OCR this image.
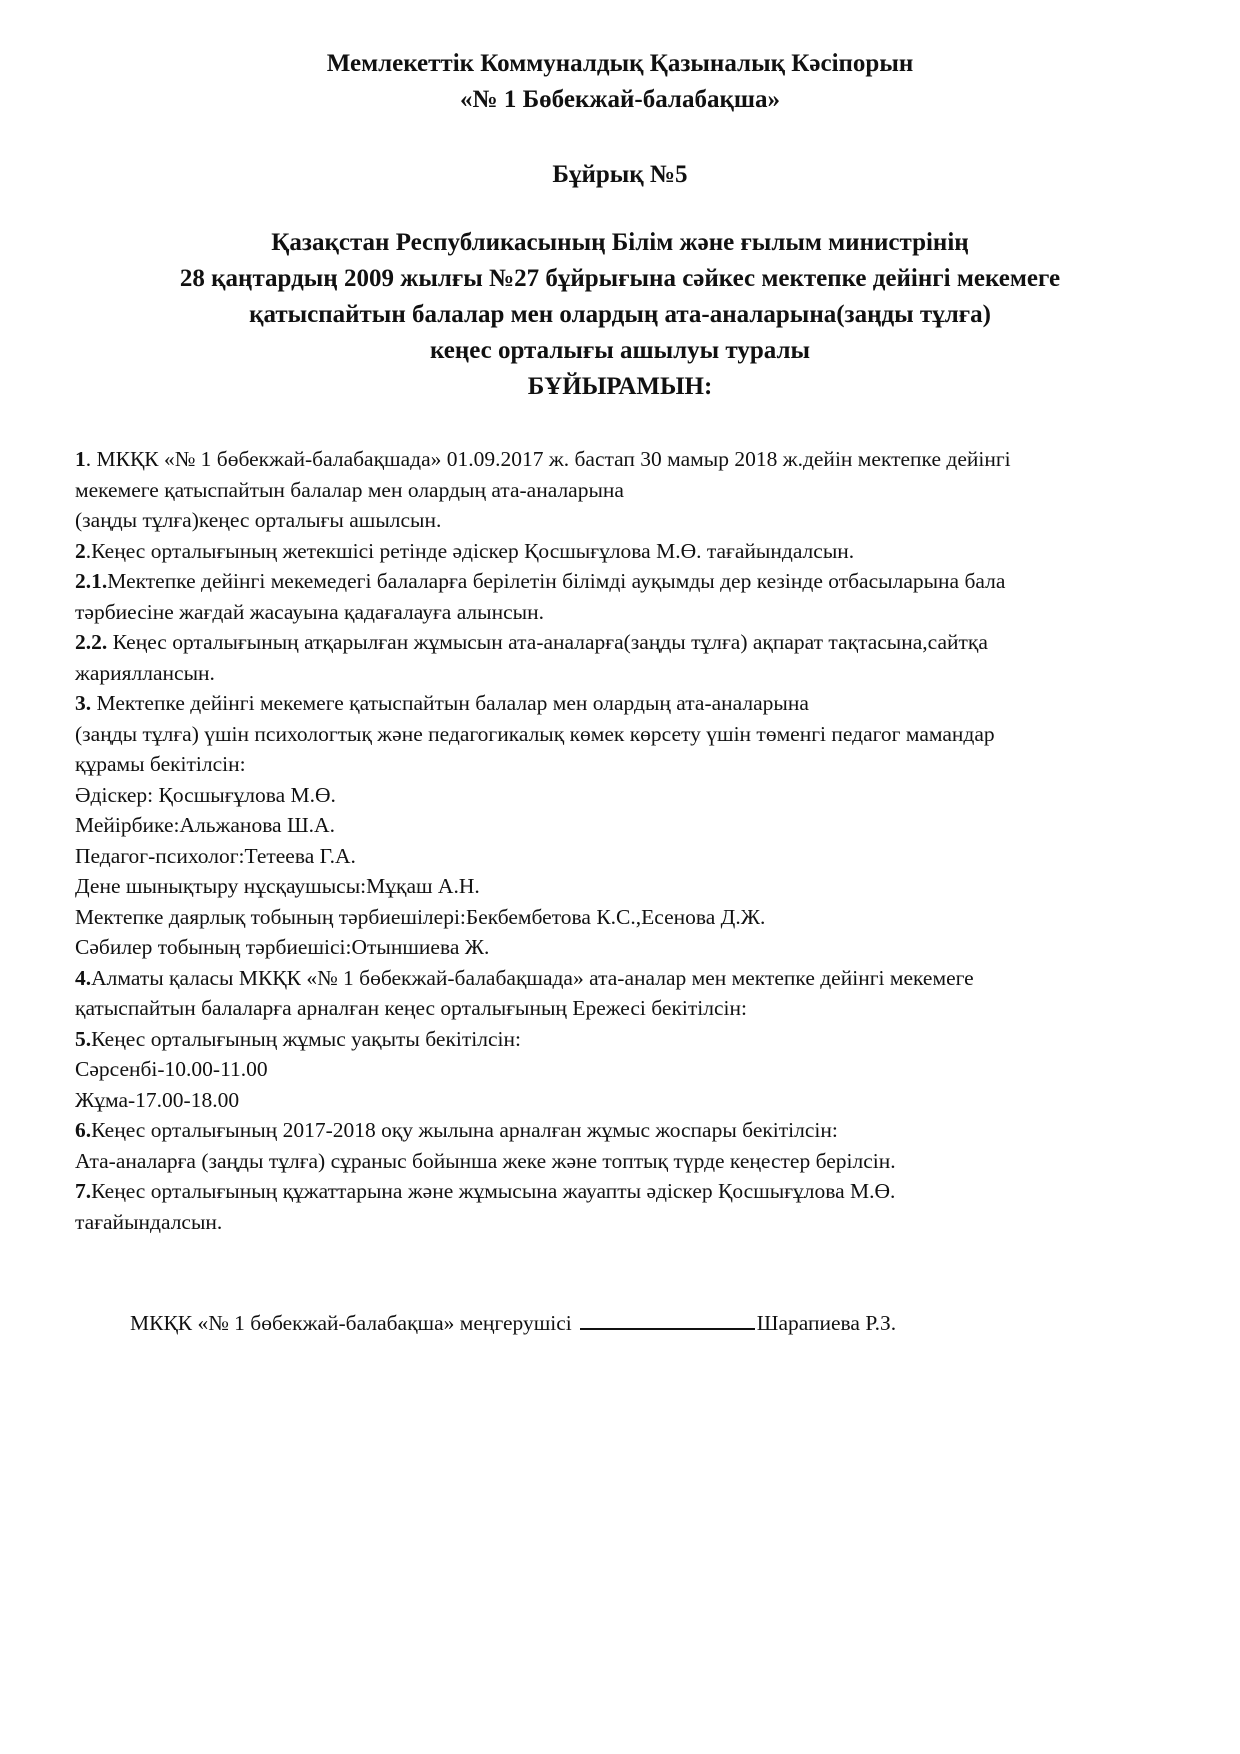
Мемлекеттік Коммуналдық Қазыналық Кәсіпорын
«№ 1 Бөбекжай-балабақша»
Бұйрық №5
Қазақстан Республикасының Білім және ғылым министрінің
28 қаңтардың 2009 жылғы №27 бұйрығына сәйкес мектепке дейінгі мекемеге
қатыспайтын балалар мен олардың ата-аналарына(заңды тұлға)
кеңес орталығы ашылуы туралы
БҰЙЫРАМЫН:
1. МКҚК «№ 1 бөбекжай-балабақшада» 01.09.2017 ж. бастап 30 мамыр 2018 ж.дейін мектепке дейінгі
мекемеге қатыспайтын балалар мен олардың ата-аналарына
(заңды тұлға)кеңес орталығы ашылсын.
2.Кеңес орталығының жетекшісі ретінде әдіскер Қосшығұлова М.Ө. тағайындалсын.
2.1.Мектепке дейінгі мекемедегі балаларға берілетін білімді ауқымды дер кезінде отбасыларына бала
тәрбиесіне жағдай жасауына қадағалауға алынсын.
2.2. Кеңес орталығының атқарылған жұмысын ата-аналарға(заңды тұлға) ақпарат тақтасына,сайтқа
жарияллансын.
3. Мектепке дейінгі мекемеге қатыспайтын балалар мен олардың ата-аналарына
(заңды тұлға) үшін психологтық және педагогикалық көмек көрсету үшін төменгі педагог мамандар
құрамы бекітілсін:
Әдіскер: Қосшығұлова М.Ө.
Мейірбике:Альжанова Ш.А.
Педагог-психолог:Тетеева Г.А.
Дене шынықтыру нұсқаушысы:Мұқаш А.Н.
Мектепке даярлық тобының тәрбиешілері:Бекбембетова К.С.,Есенова Д.Ж.
Сәбилер тобының тәрбиешісі:Отыншиева Ж.
4.Алматы қаласы МКҚК «№ 1 бөбекжай-балабақшада» ата-аналар мен мектепке дейінгі мекемеге
қатыспайтын балаларға арналған кеңес орталығының Ережесі бекітілсін:
5.Кеңес орталығының жұмыс уақыты бекітілсін:
Сәрсенбі-10.00-11.00
Жұма-17.00-18.00
6.Кеңес орталығының 2017-2018 оқу жылына арналған жұмыс жоспары бекітілсін:
Ата-аналарға (заңды тұлға) сұраныс бойынша жеке және топтық түрде кеңестер берілсін.
7.Кеңес орталығының құжаттарына және жұмысына жауапты әдіскер Қосшығұлова М.Ө.
тағайындалсын.
МКҚК «№ 1 бөбекжай-балабақша» меңгерушісі	Шарапиева Р.З.
